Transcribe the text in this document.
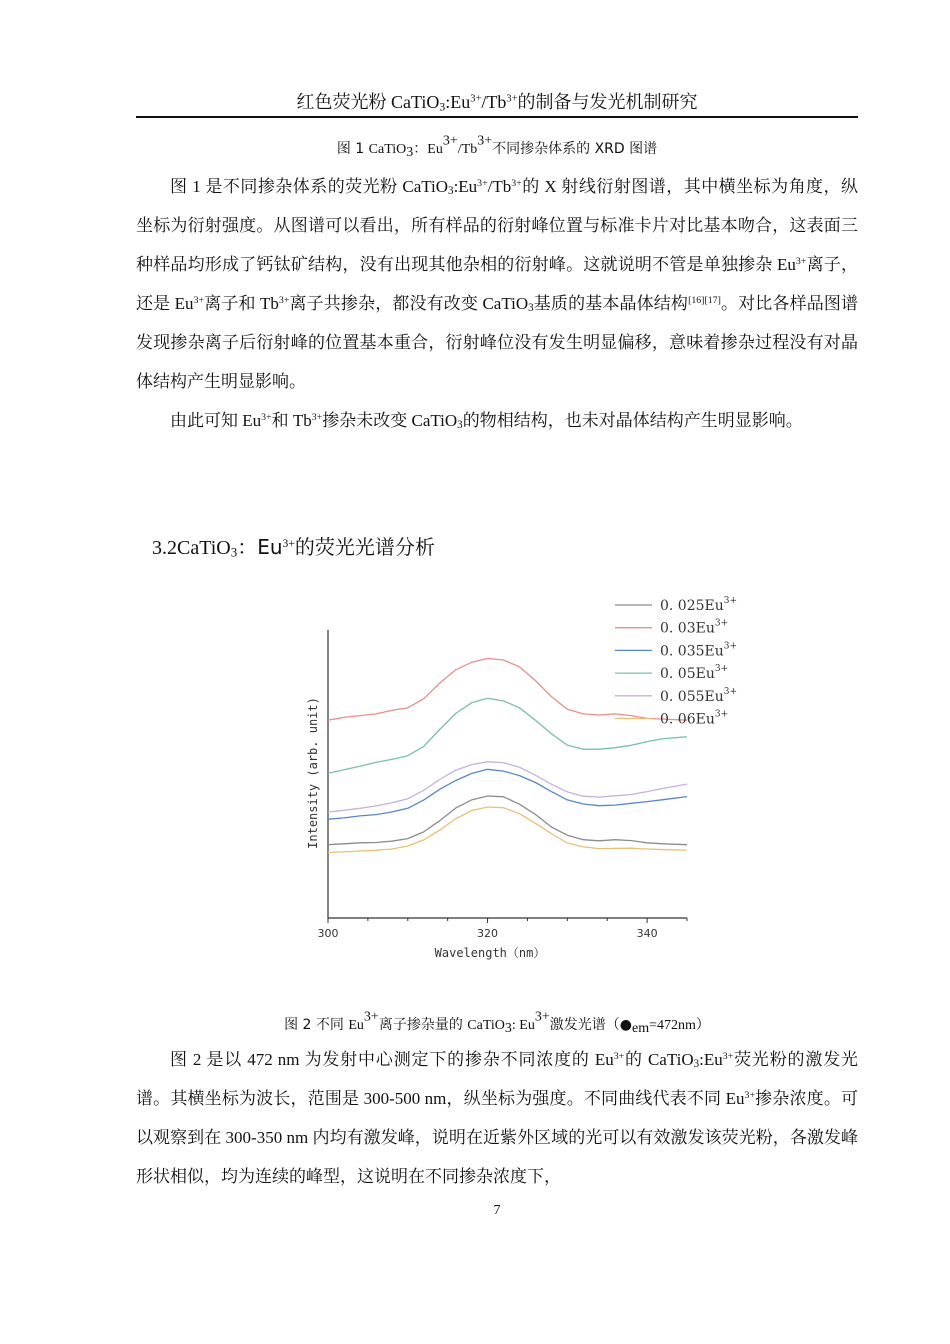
红色荧光粉 $CaTiO_3:Eu^{3+}/Tb^{3+}$的制备与发光机制研究
图 1 CaTiO$_3$：$Eu^{3+}/Tb^{3+}$不同掺杂体系的 XRD 图谱

图 1 是不同掺杂体系的荧光粉 $CaTiO_3:Eu^{3+}/Tb^{3+}$的 X 射线衍射图谱，其中横坐标为角度，纵坐标为衍射强度。从图谱可以看出，所有样品的衍射峰位置与标准卡片对比基本吻合，这表面三种样品均形成了钙钛矿结构，没有出现其他杂相的衍射峰。这就说明不管是单独掺杂 $Eu^{3+}$离子，还是 $Eu^{3+}$离子和 $Tb^{3+}$离子共掺杂，都没有改变 CaTiO$_3$基质的基本晶体结构[16][17]。对比各样品图谱发现掺杂离子后衍射峰的位置基本重合，衍射峰位没有发生明显偏移，意味着掺杂过程没有对晶体结构产生明显影响。

由此可知 $Eu^{3+}$和 $Tb^{3+}$掺杂未改变 CaTiO$_3$的物相结构，也未对晶体结构产生明显影响。

3.2CaTiO$_3$：$Eu^{3+}$的荧光光谱分析
300	320	340
Wavelength（nm）
Intensity (arb. unit)
0. $025Eu^{3+}$
0. $03Eu^{3+}$
0. $035Eu^{3+}$
0. $05Eu^{3+}$
0. $055Eu^{3+}$
0. $06Eu^{3+}$
图 2 不同 $Eu^{3+}$离子掺杂量的 CaTiO$_3$: $Eu^{3+}$激发光谱$(●_{em}=472nm)$

图 2 是以 472 nm 为发射中心测定下的掺杂不同浓度的 $Eu^{3+}$的 $CaTiO_3:Eu^{3+}$荧光粉的激发光谱。其横坐标为波长，范围是 300-500 nm，纵坐标为强度。不同曲线代表不同 $Eu^{3+}$掺杂浓度。可以观察到在 300-350 nm 内均有激发峰，说明在近紫外区域的光可以有效激发该荧光粉，各激发峰形状相似，均为连续的峰型，这说明在不同掺杂浓度下，

7
